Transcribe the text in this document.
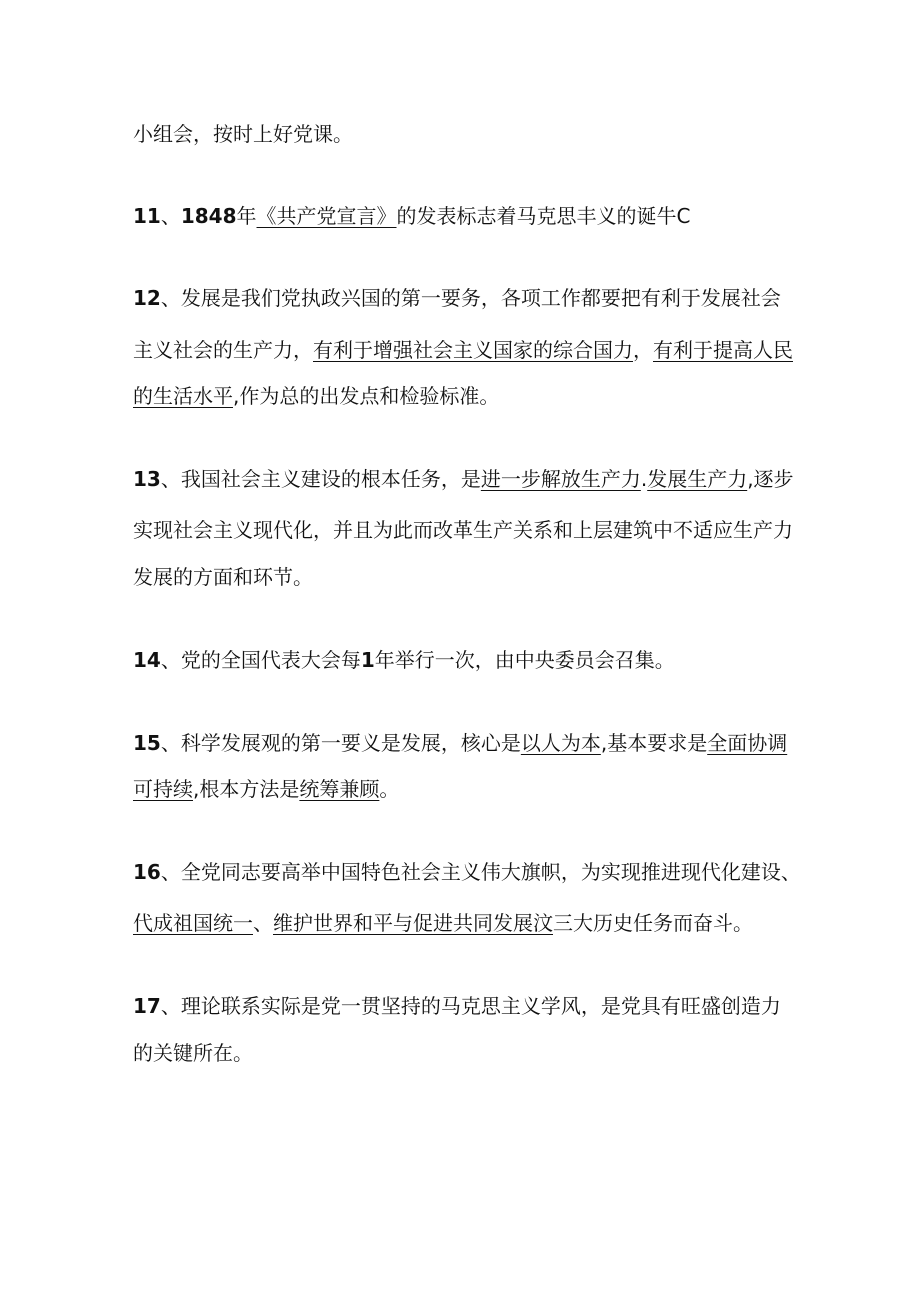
小组会，按时上好党课。
11、1848年《共产党宣言》的发表标志着马克思丰义的诞牛C
12、发展是我们党执政兴国的第一要务，各项工作都要把有利于发展社会
主义社会的生产力，有利于增强社会主义国家的综合国力，有利于提高人民
的生活水平,作为总的出发点和检验标准。
13、我国社会主义建设的根本任务，是进一步解放生产力.发展生产力,逐步
实现社会主义现代化，并且为此而改革生产关系和上层建筑中不适应生产力
发展的方面和环节。
14、党的全国代表大会每1年举行一次，由中央委员会召集。
15、科学发展观的第一要义是发展，核心是以人为本,基本要求是全面协调
可持续,根本方法是统筹兼顾。
16、全党同志要高举中国特色社会主义伟大旗帜，为实现推进现代化建设、
代成祖国统一、维护世界和平与促进共同发展汶三大历史任务而奋斗。
17、理论联系实际是党一贯坚持的马克思主义学风，是党具有旺盛创造力
的关键所在。
